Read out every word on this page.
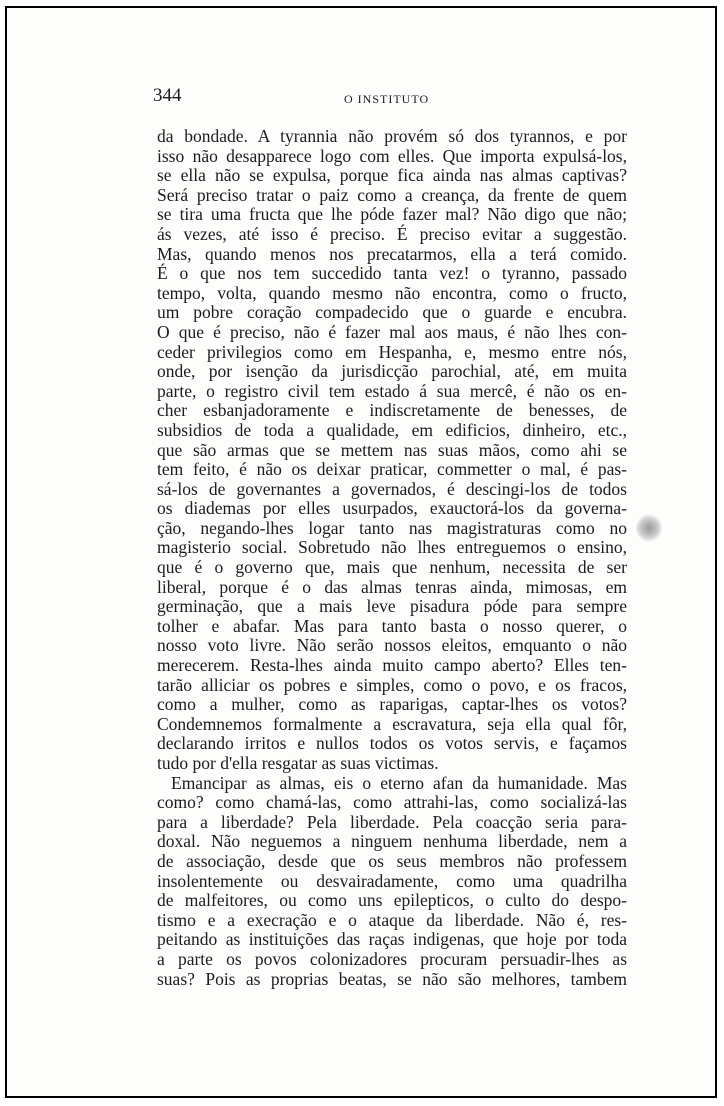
344	O INSTITUTO
da bondade. A tyrannia não provém só dos tyrannos, e por
isso não desapparece logo com elles. Que importa expulsá-los,
se ella não se expulsa, porque fica ainda nas almas captivas?
Será preciso tratar o paiz como a creança, da frente de quem
se tira uma fructa que lhe póde fazer mal? Não digo que não;
ás vezes, até isso é preciso. É preciso evitar a suggestão.
Mas, quando menos nos precatarmos, ella a terá comido.
É o que nos tem succedido tanta vez! o tyranno, passado
tempo, volta, quando mesmo não encontra, como o fructo,
um pobre coração compadecido que o guarde e encubra.
O que é preciso, não é fazer mal aos maus, é não lhes con-
ceder privilegios como em Hespanha, e, mesmo entre nós,
onde, por isenção da jurisdicção parochial, até, em muita
parte, o registro civil tem estado á sua mercê, é não os en-
cher esbanjadoramente e indiscretamente de benesses, de
subsidios de toda a qualidade, em edificios, dinheiro, etc.,
que são armas que se mettem nas suas mãos, como ahi se
tem feito, é não os deixar praticar, commetter o mal, é pas-
sá-los de governantes a governados, é descingi-los de todos
os diademas por elles usurpados, exauctorá-los da governa-
ção, negando-lhes logar tanto nas magistraturas como no
magisterio social. Sobretudo não lhes entreguemos o ensino,
que é o governo que, mais que nenhum, necessita de ser
liberal, porque é o das almas tenras ainda, mimosas, em
germinação, que a mais leve pisadura póde para sempre
tolher e abafar. Mas para tanto basta o nosso querer, o
nosso voto livre. Não serão nossos eleitos, emquanto o não
merecerem. Resta-lhes ainda muito campo aberto? Elles ten-
tarão alliciar os pobres e simples, como o povo, e os fracos,
como a mulher, como as raparigas, captar-lhes os votos?
Condemnemos formalmente a escravatura, seja ella qual fôr,
declarando irritos e nullos todos os votos servis, e façamos
tudo por d'ella resgatar as suas victimas.
Emancipar as almas, eis o eterno afan da humanidade. Mas
como? como chamá-las, como attrahi-las, como socializá-las
para a liberdade? Pela liberdade. Pela coacção seria para-
doxal. Não neguemos a ninguem nenhuma liberdade, nem a
de associação, desde que os seus membros não professem
insolentemente ou desvairadamente, como uma quadrilha
de malfeitores, ou como uns epilepticos, o culto do despo-
tismo e a execração e o ataque da liberdade. Não é, res-
peitando as instituições das raças indigenas, que hoje por toda
a parte os povos colonizadores procuram persuadir-lhes as
suas? Pois as proprias beatas, se não são melhores, tambem
